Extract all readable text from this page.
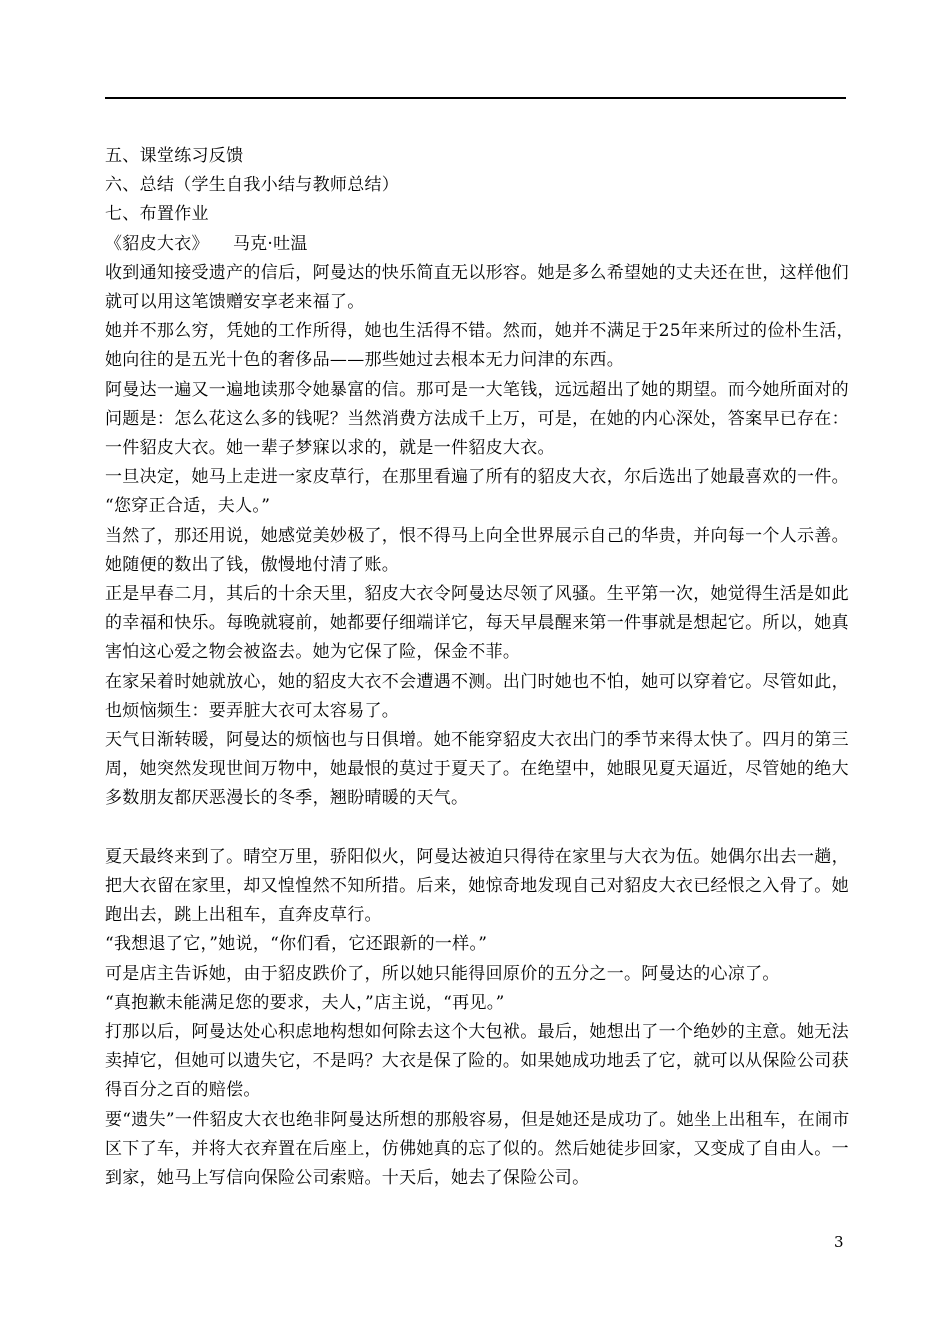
五、课堂练习反馈

六、总结（学生自我小结与教师总结）

七、布置作业

《貂皮大衣》 马克·吐温

收到通知接受遗产的信后，阿曼达的快乐简直无以形容。她是多么希望她的丈夫还在世，这样他们就可以用这笔馈赠安享老来福了。

她并不那么穷，凭她的工作所得，她也生活得不错。然而，她并不满足于25年来所过的俭朴生活，她向往的是五光十色的奢侈品——那些她过去根本无力问津的东西。

阿曼达一遍又一遍地读那令她暴富的信。那可是一大笔钱，远远超出了她的期望。而今她所面对的问题是：怎么花这么多的钱呢？当然消费方法成千上万，可是，在她的内心深处，答案早已存在：一件貂皮大衣。她一辈子梦寐以求的，就是一件貂皮大衣。

一旦决定，她马上走进一家皮草行，在那里看遍了所有的貂皮大衣，尔后选出了她最喜欢的一件。

“您穿正合适，夫人。”

当然了，那还用说，她感觉美妙极了，恨不得马上向全世界展示自己的华贵，并向每一个人示善。她随便的数出了钱，傲慢地付清了账。

正是早春二月，其后的十余天里，貂皮大衣令阿曼达尽领了风骚。生平第一次，她觉得生活是如此的幸福和快乐。每晚就寝前，她都要仔细端详它，每天早晨醒来第一件事就是想起它。所以，她真害怕这心爱之物会被盗去。她为它保了险，保金不菲。

在家呆着时她就放心，她的貂皮大衣不会遭遇不测。出门时她也不怕，她可以穿着它。尽管如此，也烦恼频生：要弄脏大衣可太容易了。

天气日渐转暖，阿曼达的烦恼也与日俱增。她不能穿貂皮大衣出门的季节来得太快了。四月的第三周，她突然发现世间万物中，她最恨的莫过于夏天了。在绝望中，她眼见夏天逼近，尽管她的绝大多数朋友都厌恶漫长的冬季，翘盼晴暖的天气。

夏天最终来到了。晴空万里，骄阳似火，阿曼达被迫只得待在家里与大衣为伍。她偶尔出去一趟，把大衣留在家里，却又惶惶然不知所措。后来，她惊奇地发现自己对貂皮大衣已经恨之入骨了。她跑出去，跳上出租车，直奔皮草行。

“我想退了它，”她说，“你们看，它还跟新的一样。”

可是店主告诉她，由于貂皮跌价了，所以她只能得回原价的五分之一。阿曼达的心凉了。

“真抱歉未能满足您的要求，夫人，”店主说，“再见。”

打那以后，阿曼达处心积虑地构想如何除去这个大包袱。最后，她想出了一个绝妙的主意。她无法卖掉它，但她可以遗失它，不是吗？大衣是保了险的。如果她成功地丢了它，就可以从保险公司获得百分之百的赔偿。

要“遗失”一件貂皮大衣也绝非阿曼达所想的那般容易，但是她还是成功了。她坐上出租车，在闹市区下了车，并将大衣弃置在后座上，仿佛她真的忘了似的。然后她徒步回家，又变成了自由人。一到家，她马上写信向保险公司索赔。十天后，她去了保险公司。

3
